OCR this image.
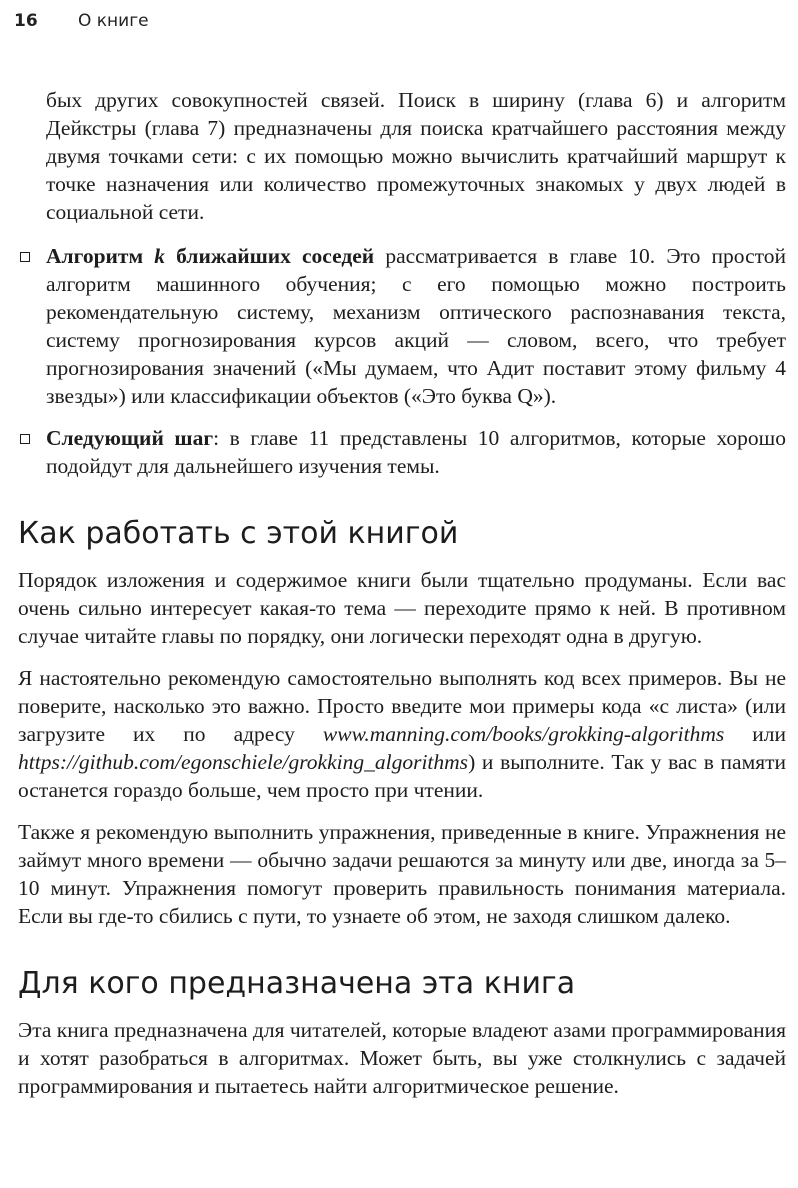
16	О книге

бых других совокупностей связей. Поиск в ширину (глава 6) и алгоритм Дейкстры (глава 7) предназначены для поиска кратчайшего расстояния между двумя точками сети: с их помощью можно вычислить кратчайший маршрут к точке назначения или количество промежуточных знакомых у двух людей в социальной сети.

Алгоритм k ближайших соседей рассматривается в главе 10. Это простой алгоритм машинного обучения; с его помощью можно построить рекомендательную систему, механизм оптического распознавания текста, систему прогнозирования курсов акций — словом, всего, что требует прогнозирования значений («Мы думаем, что Адит поставит этому фильму 4 звезды») или классификации объектов («Это буква Q»).

Следующий шаг: в главе 11 представлены 10 алгоритмов, которые хорошо подойдут для дальнейшего изучения темы.

Как работать с этой книгой

Порядок изложения и содержимое книги были тщательно продуманы. Если вас очень сильно интересует какая-то тема — переходите прямо к ней. В противном случае читайте главы по порядку, они логически переходят одна в другую.

Я настоятельно рекомендую самостоятельно выполнять код всех примеров. Вы не поверите, насколько это важно. Просто введите мои примеры кода «с листа» (или загрузите их по адресу www.manning.com/books/grokking-algorithms или https://github.com/egonschiele/grokking_algorithms) и выполните. Так у вас в памяти останется гораздо больше, чем просто при чтении.

Также я рекомендую выполнить упражнения, приведенные в книге. Упражнения не займут много времени — обычно задачи решаются за минуту или две, иногда за 5–10 минут. Упражнения помогут проверить правильность понимания материала. Если вы где-то сбились с пути, то узнаете об этом, не заходя слишком далеко.

Для кого предназначена эта книга

Эта книга предназначена для читателей, которые владеют азами программирования и хотят разобраться в алгоритмах. Может быть, вы уже столкнулись с задачей программирования и пытаетесь найти алгоритмическое решение.
